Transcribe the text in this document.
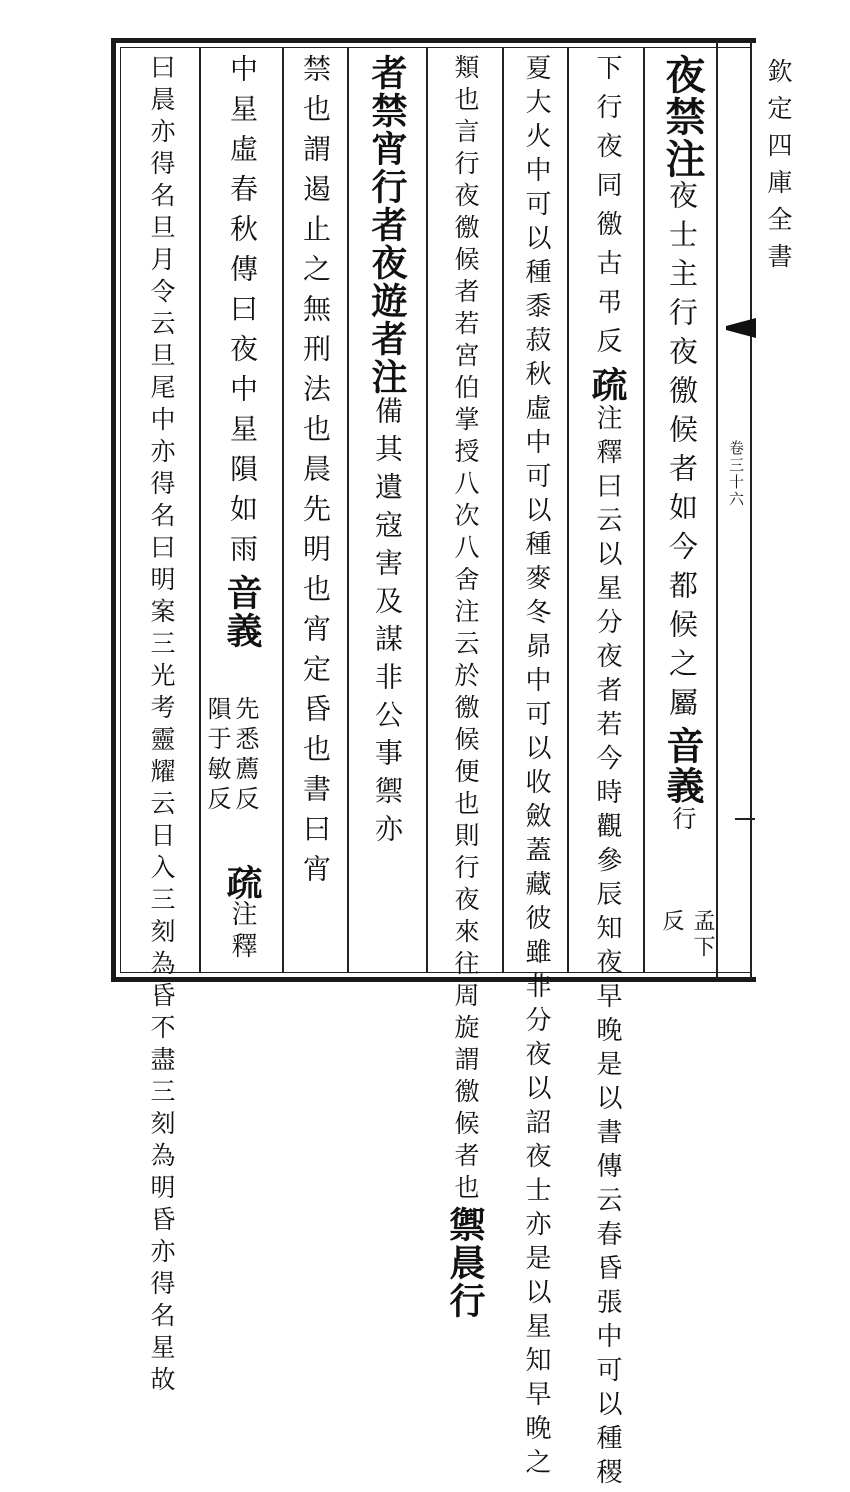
欽定四庫全書
卷三十六
夜禁注夜士主行夜徼候者如今都候之屬音義行
孟下反
下行夜同徼古弔反疏注釋曰云以星分夜者若今時觀參辰知夜早晚是以書傳云春昏張中可以種稷
夏大火中可以種黍菽秋虛中可以種麥冬昴中可以收斂蓋藏彼雖非分夜以詔夜士亦是以星知早晚之
類也言行夜徼候者若宮伯掌授八次八舍注云於徼候便也則行夜來往周旋謂徼候者也禦晨行
者禁宵行者夜遊者注備其遺寇害及謀非公事禦亦
禁也謂遏止之無刑法也晨先明也宵定昏也書曰宵
中星虛春秋傳曰夜中星隕如雨音義
先悉薦反
隕于敏反
疏注釋
曰晨亦得名旦月令云旦尾中亦得名曰明案三光考靈耀云日入三刻為昏不盡三刻為明昏亦得名星故
